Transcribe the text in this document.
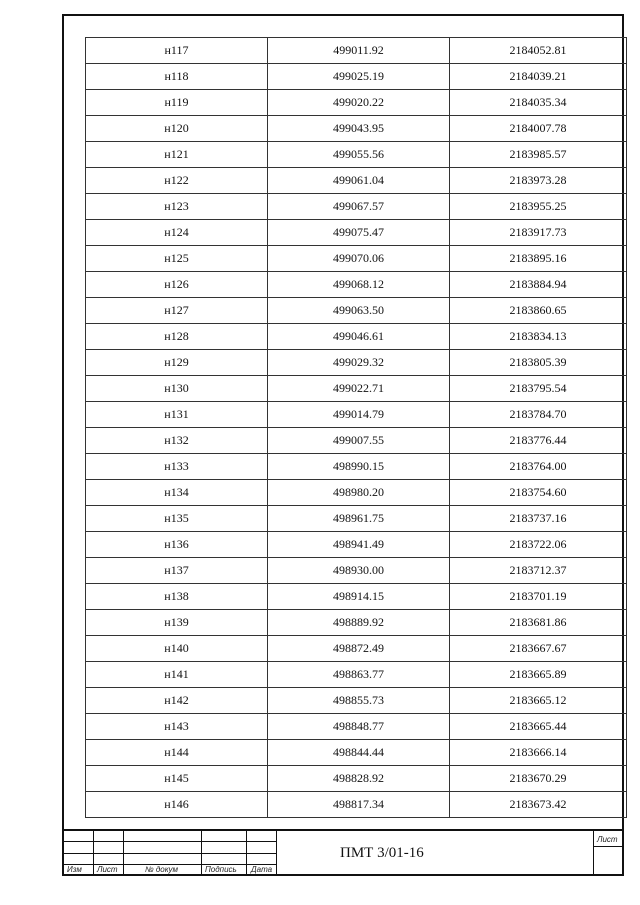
н117	499011.92	2184052.81
н118	499025.19	2184039.21
н119	499020.22	2184035.34
н120	499043.95	2184007.78
н121	499055.56	2183985.57
н122	499061.04	2183973.28
н123	499067.57	2183955.25
н124	499075.47	2183917.73
н125	499070.06	2183895.16
н126	499068.12	2183884.94
н127	499063.50	2183860.65
н128	499046.61	2183834.13
н129	499029.32	2183805.39
н130	499022.71	2183795.54
н131	499014.79	2183784.70
н132	499007.55	2183776.44
н133	498990.15	2183764.00
н134	498980.20	2183754.60
н135	498961.75	2183737.16
н136	498941.49	2183722.06
н137	498930.00	2183712.37
н138	498914.15	2183701.19
н139	498889.92	2183681.86
н140	498872.49	2183667.67
н141	498863.77	2183665.89
н142	498855.73	2183665.12
н143	498848.77	2183665.44
н144	498844.44	2183666.14
н145	498828.92	2183670.29
н146	498817.34	2183673.42
Изм Лист	№ докум	Подпись Дата
Лист
ПМТ 3/01-16
